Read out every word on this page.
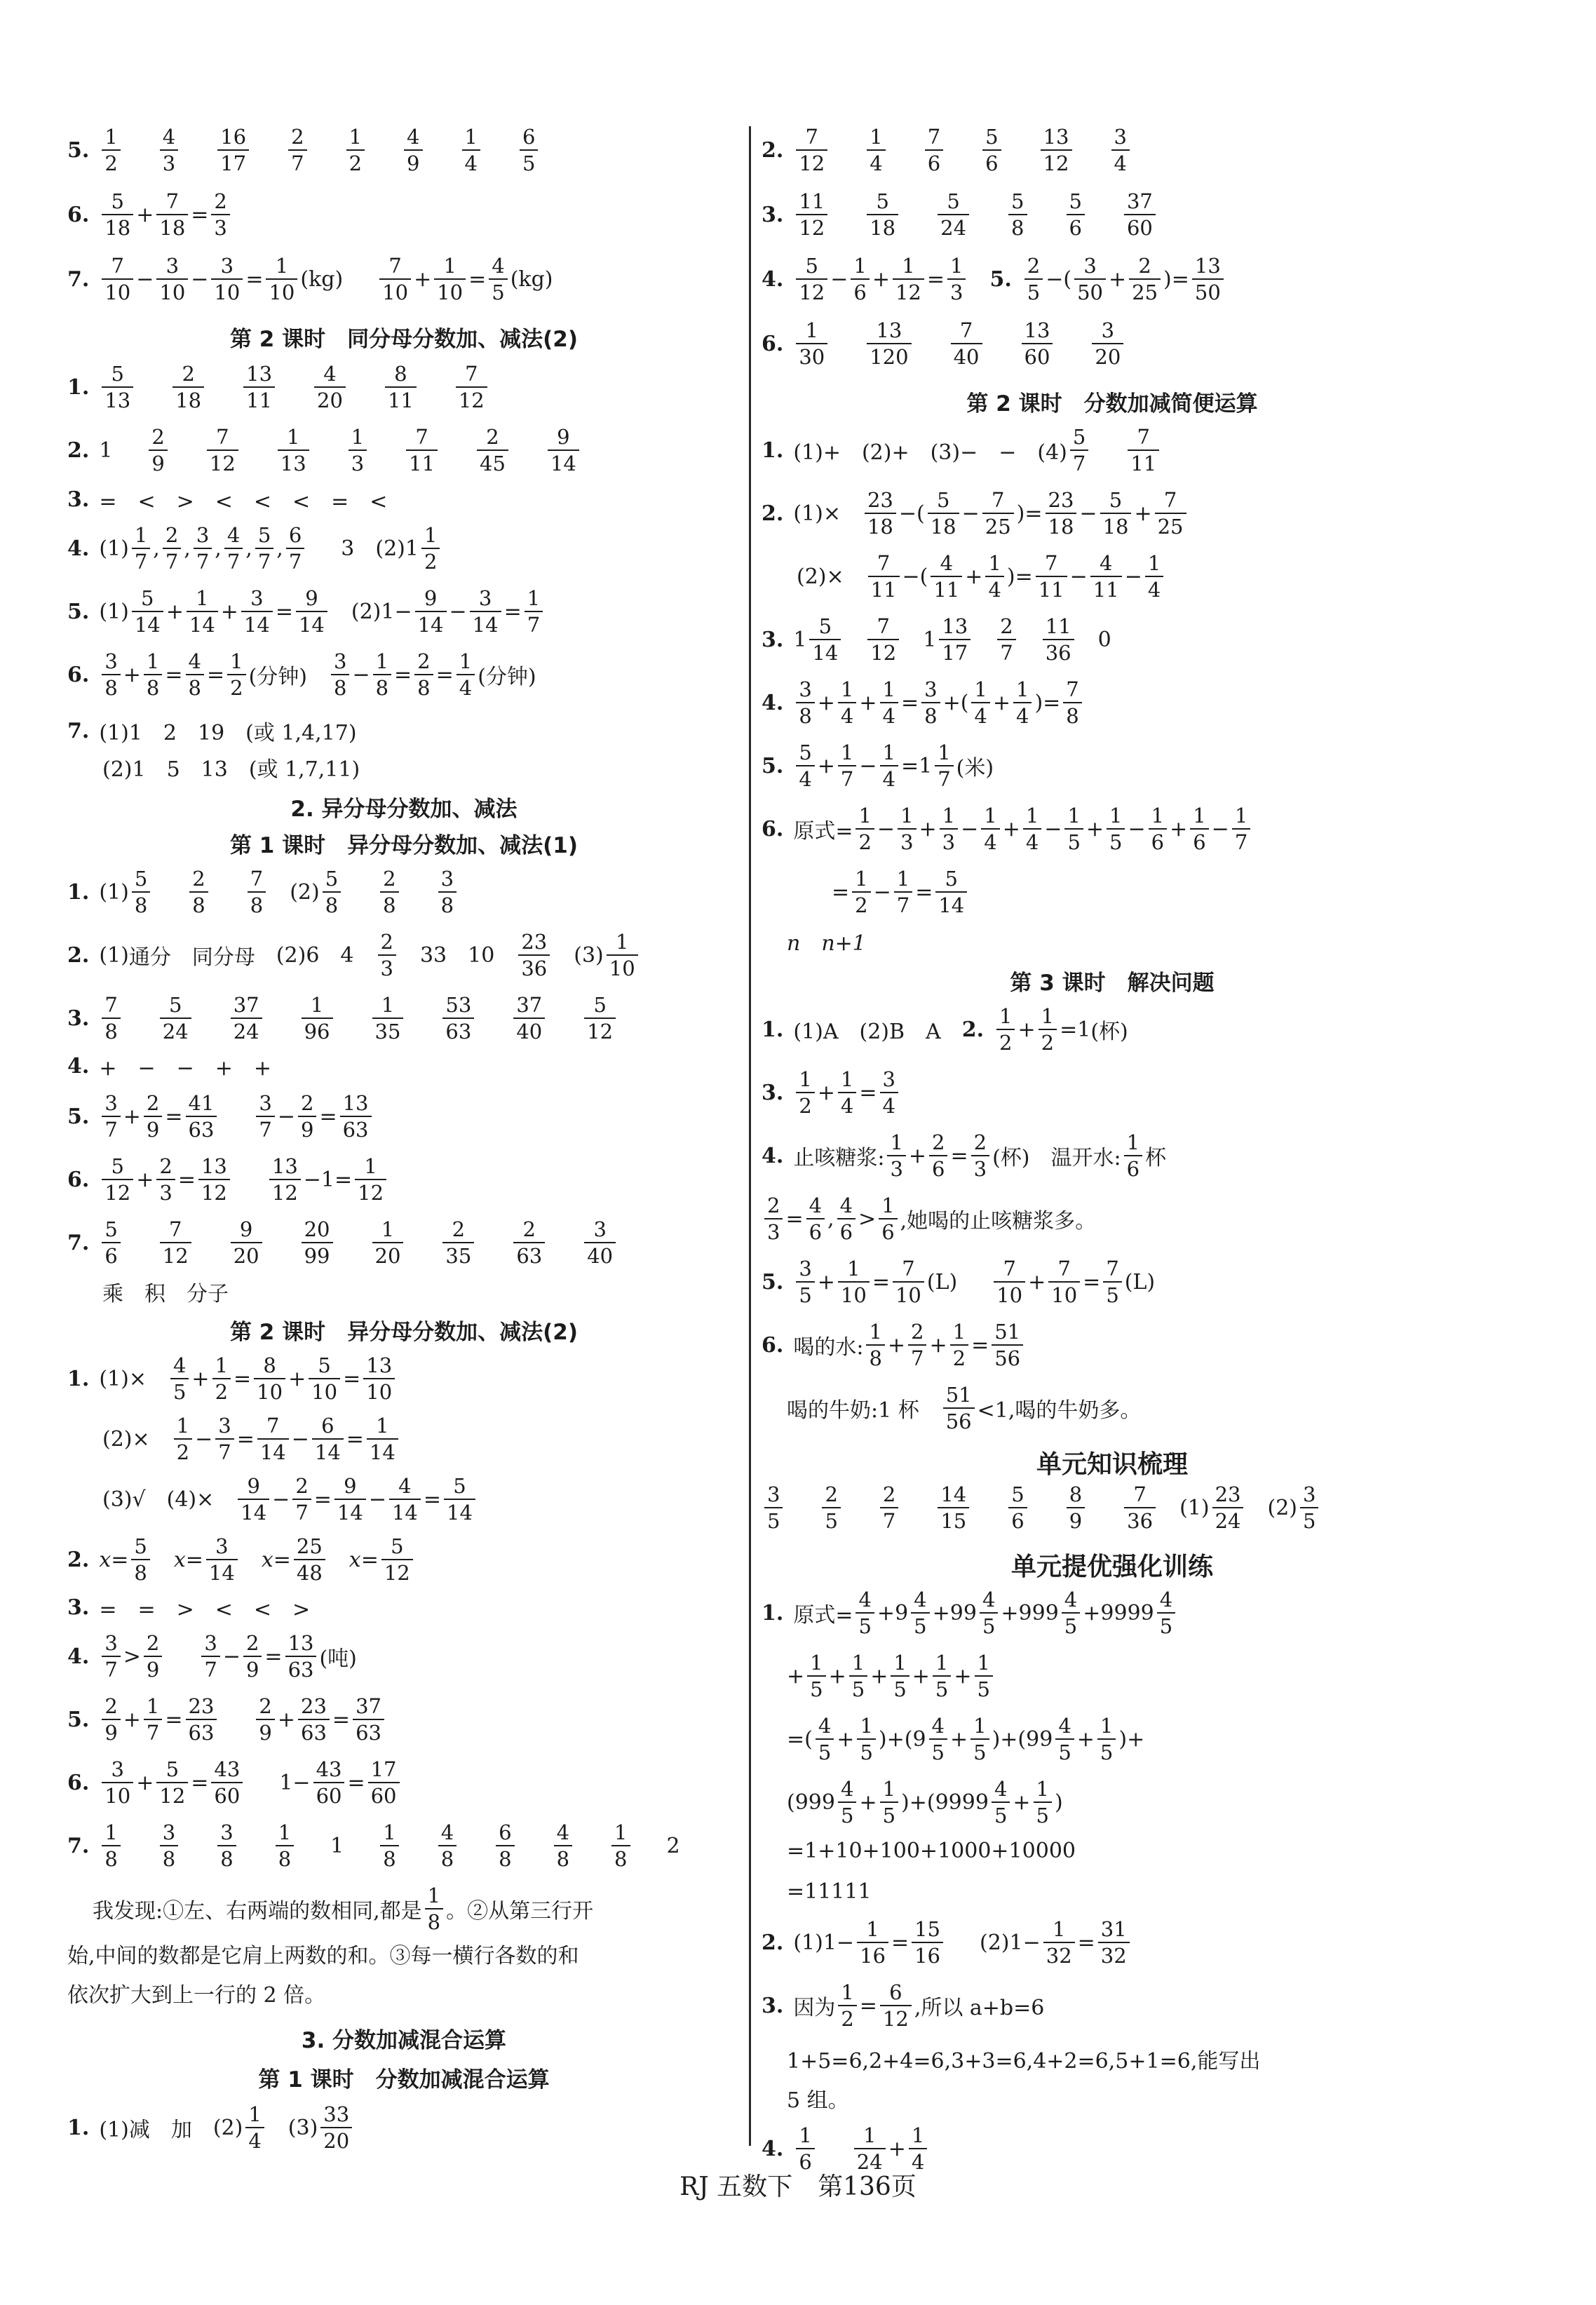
5. $\frac{1}{2} \frac{4}{3} \frac{16}{17} \frac{2}{7} \frac{1}{2} \frac{4}{9} \frac{1}{4} \frac{6}{5}$
6. $\frac{5}{18} + \frac{7}{18} = \frac{2}{3}$
7. $\frac{7}{10} - \frac{3}{10} - \frac{3}{10} = \frac{1}{10} (kg) \frac{7}{10} + \frac{1}{10} = \frac{4}{5} (kg)$
第 2 课时　同分母分数加、减法(2)
1. $\frac{5}{13} \frac{2}{18} \frac{13}{11} \frac{4}{20} \frac{8}{11} \frac{7}{12}$
2. $1 \frac{2}{9} \frac{7}{12} \frac{1}{13} \frac{1}{3} \frac{7}{11} \frac{2}{45} \frac{9}{14}$
3. =　<　>　<　<　<　=　<
4. $(1) \frac{1}{7}$ , $\frac{2}{7}$ , $\frac{3}{7}$ , $\frac{4}{7}$ , $\frac{5}{7}$ , $\frac{6}{7} 3$ (2) $1 \frac{1}{2}$
5. $(1) \frac{5}{14} + \frac{1}{14} + \frac{3}{14} = \frac{9}{14} (2)$ $1- \frac{9}{14} - \frac{3}{14} = \frac{1}{7}$
6. $\frac{3}{8} + \frac{1}{8} = \frac{4}{8} = \frac{1}{2}$ (分钟) $\frac{3}{8} - \frac{1}{8} = \frac{2}{8} = \frac{1}{4}$ (分钟)
7. (1)1　2　19　(或 1,4,17)
(2)1　5　13　(或 1,7,11)
2. 异分母分数加、减法
第 1 课时　异分母分数加、减法(1)
1. $(1) \frac{5}{8} \frac{2}{8} \frac{7}{8} (2) \frac{5}{8} \frac{2}{8} \frac{3}{8}$
2. (1) 通分　同分母 (2) 6 $4 \frac{2}{3} 33$ $10 \frac{23}{36} (3) \frac{1}{10}$
3. $\frac{7}{8} \frac{5}{24} \frac{37}{24} \frac{1}{96} \frac{1}{35} \frac{53}{63} \frac{37}{40} \frac{5}{12}$
4. +　−　−　+　+
5. $\frac{3}{7} + \frac{2}{9} = \frac{41}{63} \frac{3}{7} - \frac{2}{9} = \frac{13}{63}$
6. $\frac{5}{12} + \frac{2}{3} = \frac{13}{12} \frac{13}{12} -1= \frac{1}{12}$
7. $\frac{5}{6} \frac{7}{12} \frac{9}{20} \frac{20}{99} \frac{1}{20} \frac{2}{35} \frac{2}{63} \frac{3}{40}$
乘　积　分子
第 2 课时　异分母分数加、减法(2)
1. $(1) \times \frac{4}{5} + \frac{1}{2} = \frac{8}{10} + \frac{5}{10} = \frac{13}{10}$
$(2) \times \frac{1}{2} - \frac{3}{7} = \frac{7}{14} - \frac{6}{14} = \frac{1}{14}$
(3) √ $(4) \times \frac{9}{14} - \frac{2}{7} = \frac{9}{14} - \frac{4}{14} = \frac{5}{14}$
2. $x= \frac{5}{8} x= \frac{3}{14} x= \frac{25}{48} x= \frac{5}{12}$
3. =　=　>　<　<　>
4. $\frac{3}{7} > \frac{2}{9} \frac{3}{7} - \frac{2}{9} = \frac{13}{63}$ (吨)
5. $\frac{2}{9} + \frac{1}{7} = \frac{23}{63} \frac{2}{9} + \frac{23}{63} = \frac{37}{63}$
6. $\frac{3}{10} + \frac{5}{12} = \frac{43}{60} 1- \frac{43}{60} = \frac{17}{60}$
7. $\frac{1}{8} \frac{3}{8} \frac{3}{8} \frac{1}{8} 1 \frac{1}{8} \frac{4}{8} \frac{6}{8} \frac{4}{8} \frac{1}{8} 2$
我发现:①左、右两端的数相同,都是 $\frac{1}{8}$ 。②从第三行开
始,中间的数都是它肩上两数的和。③每一横行各数的和
依次扩大到上一行的 2 倍。
3. 分数加减混合运算
第 1 课时　分数加减混合运算
1. (1)减　加 $(2) \frac{1}{4} (3) \frac{33}{20}$
2. $\frac{7}{12} \frac{1}{4} \frac{7}{6} \frac{5}{6} \frac{13}{12} \frac{3}{4}$
3. $\frac{11}{12} \frac{5}{18} \frac{5}{24} \frac{5}{8} \frac{5}{6} \frac{37}{60}$
4. $\frac{5}{12} - \frac{1}{6} + \frac{1}{12} = \frac{1}{3} 5$. $\frac{2}{5}$ −( $\frac{3}{50} + \frac{2}{25}$ )= $\frac{13}{50}$
6. $\frac{1}{30} \frac{13}{120} \frac{7}{40} \frac{13}{60} \frac{3}{20}$
第 2 课时　分数加减简便运算
1. (1)+　(2)+　(3)−　−　$(4) \frac{5}{7} \frac{7}{11}$
2. $(1)\times \frac{23}{18}$ −( $\frac{5}{18} - \frac{7}{25}$ )= $\frac{23}{18} - \frac{5}{18} + \frac{7}{25}$
$(2)\times \frac{7}{11}$ −( $\frac{4}{11} + \frac{1}{4}$ )= $\frac{7}{11} - \frac{4}{11} - \frac{1}{4}$
3. $1 \frac{5}{14} \frac{7}{12} 1 \frac{13}{17} \frac{2}{7} \frac{11}{36} 0$
4. $\frac{3}{8} + \frac{1}{4} + \frac{1}{4} = \frac{3}{8}$ +( $\frac{1}{4} + \frac{1}{4}$ )= $\frac{7}{8}$
5. $\frac{5}{4} + \frac{1}{7} - \frac{1}{4} = 1 \frac{1}{7}$ (米)
6. 原式= $\frac{1}{2} - \frac{1}{3} + \frac{1}{3} - \frac{1}{4} + \frac{1}{4} - \frac{1}{5} + \frac{1}{5} - \frac{1}{6} + \frac{1}{6} - \frac{1}{7}$
= $\frac{1}{2} - \frac{1}{7} = \frac{5}{14}$
n　n+1
第 3 课时　解决问题
1. (1)A　(2)B　A 2. $\frac{1}{2} + \frac{1}{2} = 1$ (杯)
3. $\frac{1}{2} + \frac{1}{4} = \frac{3}{4}$
4. 止咳糖浆: $\frac{1}{3} + \frac{2}{6} = \frac{2}{3}$ (杯)　温开水: $\frac{1}{6}$ 杯
$\frac{2}{3} = \frac{4}{6}$ , $\frac{4}{6} > \frac{1}{6}$ ,她喝的止咳糖浆多。
5. $\frac{3}{5} + \frac{1}{10} = \frac{7}{10} (L) \frac{7}{10} + \frac{7}{10} = \frac{7}{5} (L)$
6. 喝的水: $\frac{1}{8} + \frac{2}{7} + \frac{1}{2} = \frac{51}{56}$
喝的牛奶:1 杯 $\frac{51}{56} <1$,喝的牛奶多。
单元知识梳理
$\frac{3}{5} \frac{2}{5} \frac{2}{7} \frac{14}{15} \frac{5}{6} \frac{8}{9} \frac{7}{36} (1) \frac{23}{24} (2) \frac{3}{5}$
单元提优强化训练
1. 原式= $\frac{4}{5} + 9 \frac{4}{5} + 99 \frac{4}{5} + 999 \frac{4}{5} + 9999 \frac{4}{5}$
+ $\frac{1}{5} + \frac{1}{5} + \frac{1}{5} + \frac{1}{5} + \frac{1}{5}$
=( $\frac{4}{5} + \frac{1}{5}$ )+( $9 \frac{4}{5} + \frac{1}{5}$ )+( $99 \frac{4}{5} + \frac{1}{5}$ )+
( $999 \frac{4}{5} + \frac{1}{5}$ )+( $9999 \frac{4}{5} + \frac{1}{5}$ )
=1+10+100+1000+10000
=11111
2. (1) $1- \frac{1}{16} = \frac{15}{16} (2)$ $1- \frac{1}{32} = \frac{31}{32}$
3. 因为 $\frac{1}{2} = \frac{6}{12}$ ,所以 a+b=6
1+5=6,2+4=6,3+3=6,4+2=6,5+1=6,能写出
5 组。
4. $\frac{1}{6} \frac{1}{24} + \frac{1}{4}$
RJ 五数下　第136页
